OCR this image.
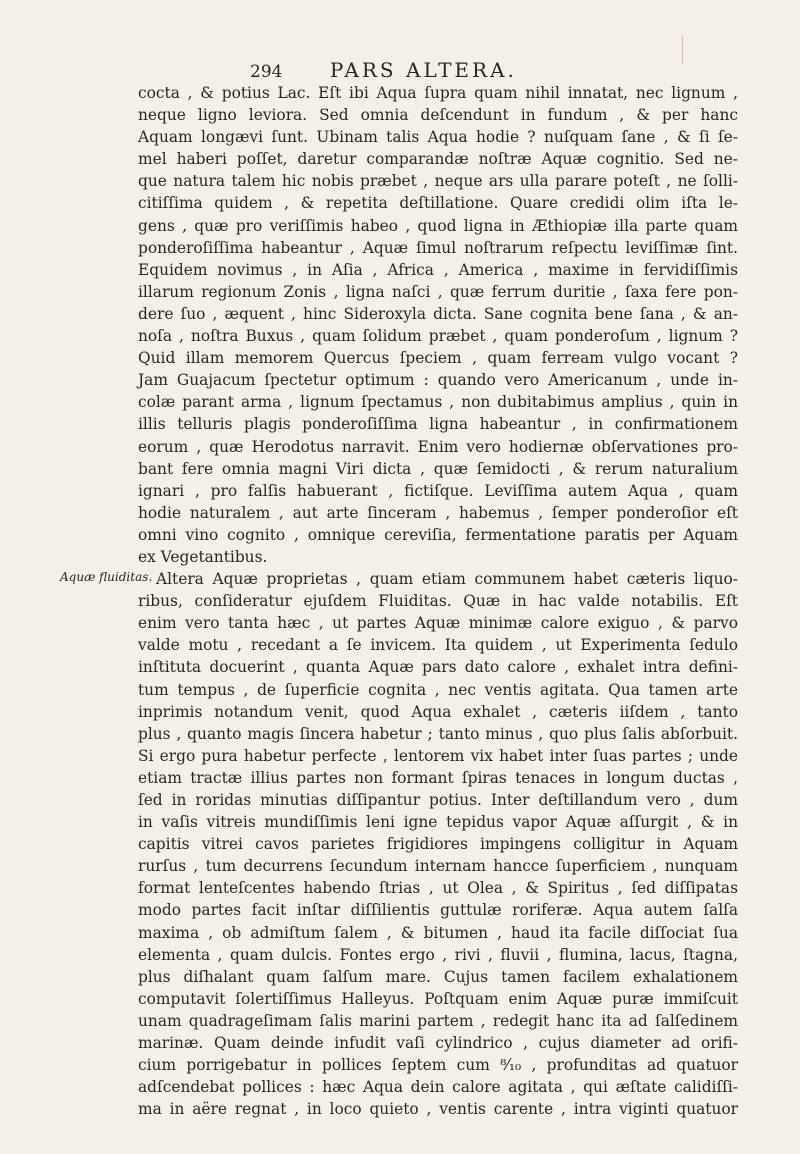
294 PARS ALTERA.
Aquæ fluiditas.
cocta , & potius Lac. Eſt ibi Aqua ſupra quam nihil innatat, nec lignum ,
neque ligno leviora. Sed omnia deſcendunt in fundum , & per hanc
Aquam longævi ſunt. Ubinam talis Aqua hodie ? nuſquam ſane , & ſi ſe-
mel haberi poſſet, daretur comparandæ noſtræ Aquæ cognitio. Sed ne-
que natura talem hic nobis præbet , neque ars ulla parare poteſt , ne ſolli-
citiſſima quidem , & repetita deſtillatione. Quare credidi olim iſta le-
gens , quæ pro veriſſimis habeo , quod ligna in Æthiopiæ illa parte quam
ponderoſiſſima habeantur , Aquæ ſimul noſtrarum reſpectu leviſſimæ ſint.
Equidem novimus , in Aſia , Africa , America , maxime in fervidiſſimis
illarum regionum Zonis , ligna naſci , quæ ferrum duritie , ſaxa fere pon-
dere ſuo , æquent , hinc Sideroxyla dicta. Sane cognita bene ſana , & an-
noſa , noſtra Buxus , quam ſolidum præbet , quam ponderoſum , lignum ?
Quid illam memorem Quercus ſpeciem , quam ferream vulgo vocant ?
Jam Guajacum ſpectetur optimum : quando vero Americanum , unde in-
colæ parant arma , lignum ſpectamus , non dubitabimus amplius , quin in
illis telluris plagis ponderoſiſſima ligna habeantur , in confirmationem
eorum , quæ Herodotus narravit. Enim vero hodiernæ obſervationes pro-
bant fere omnia magni Viri dicta , quæ ſemidocti , & rerum naturalium
ignari , pro falſis habuerant , fictiſque. Leviſſima autem Aqua , quam
hodie naturalem , aut arte ſinceram , habemus , ſemper ponderoſior eſt
omni vino cognito , omnique cereviſia, fermentatione paratis per Aquam
ex Vegetantibus.
Altera Aquæ proprietas , quam etiam communem habet cæteris liquo-
ribus, conſideratur ejuſdem Fluiditas. Quæ in hac valde notabilis. Eſt
enim vero tanta hæc , ut partes Aquæ minimæ calore exiguo , & parvo
valde motu , recedant a ſe invicem. Ita quidem , ut Experimenta ſedulo
inſtituta docuerint , quanta Aquæ pars dato calore , exhalet intra defini-
tum tempus , de ſuperficie cognita , nec ventis agitata. Qua tamen arte
inprimis notandum venit, quod Aqua exhalet , cæteris iiſdem , tanto
plus , quanto magis ſincera habetur ; tanto minus , quo plus ſalis abſorbuit.
Si ergo pura habetur perfecte , lentorem vix habet inter ſuas partes ; unde
etiam tractæ illius partes non formant ſpiras tenaces in longum ductas ,
ſed in roridas minutias diſſipantur potius. Inter deſtillandum vero , dum
in vaſis vitreis mundiſſimis leni igne tepidus vapor Aquæ aſſurgit , & in
capitis vitrei cavos parietes frigidiores impingens colligitur in Aquam
rurſus , tum decurrens ſecundum internam hancce ſuperficiem , nunquam
format lenteſcentes habendo ſtrias , ut Olea , & Spiritus , ſed diſſipatas
modo partes facit inſtar diſſilientis guttulæ roriferæ. Aqua autem ſalſa
maxima , ob admiſtum ſalem , & bitumen , haud ita facile diſſociat ſua
elementa , quam dulcis. Fontes ergo , rivi , fluvii , flumina, lacus, ſtagna,
plus diſhalant quam ſalſum mare. Cujus tamen facilem exhalationem
computavit ſolertiſſimus Halleyus. Poſtquam enim Aquæ puræ immiſcuit
unam quadrageſimam ſalis marini partem , redegit hanc ita ad ſalſedinem
marinæ. Quam deinde infudit vaſi cylindrico , cujus diameter ad orifi-
cium porrigebatur in pollices ſeptem cum ⁸⁄₁₀ , profunditas ad quatuor
adſcendebat pollices : hæc Aqua dein calore agitata , qui æſtate calidiſſi-
ma in aëre regnat , in loco quieto , ventis carente , intra viginti quatuor
